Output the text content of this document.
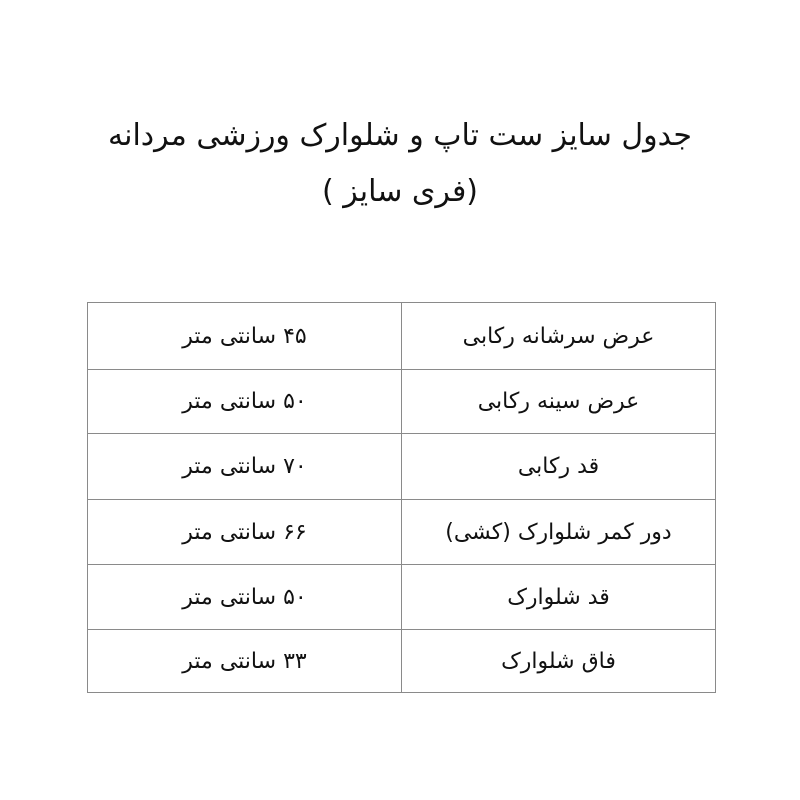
جدول سایز ست تاپ و شلوارک ورزشی مردانه
(فری سایز )
عرض سرشانه رکابی	۴۵ سانتی متر
عرض سینه رکابی	۵۰ سانتی متر
قد رکابی	۷۰ سانتی متر
دور کمر شلوارک (کشی)	۶۶ سانتی متر
قد شلوارک	۵۰ سانتی متر
فاق شلوارک	۳۳ سانتی متر
